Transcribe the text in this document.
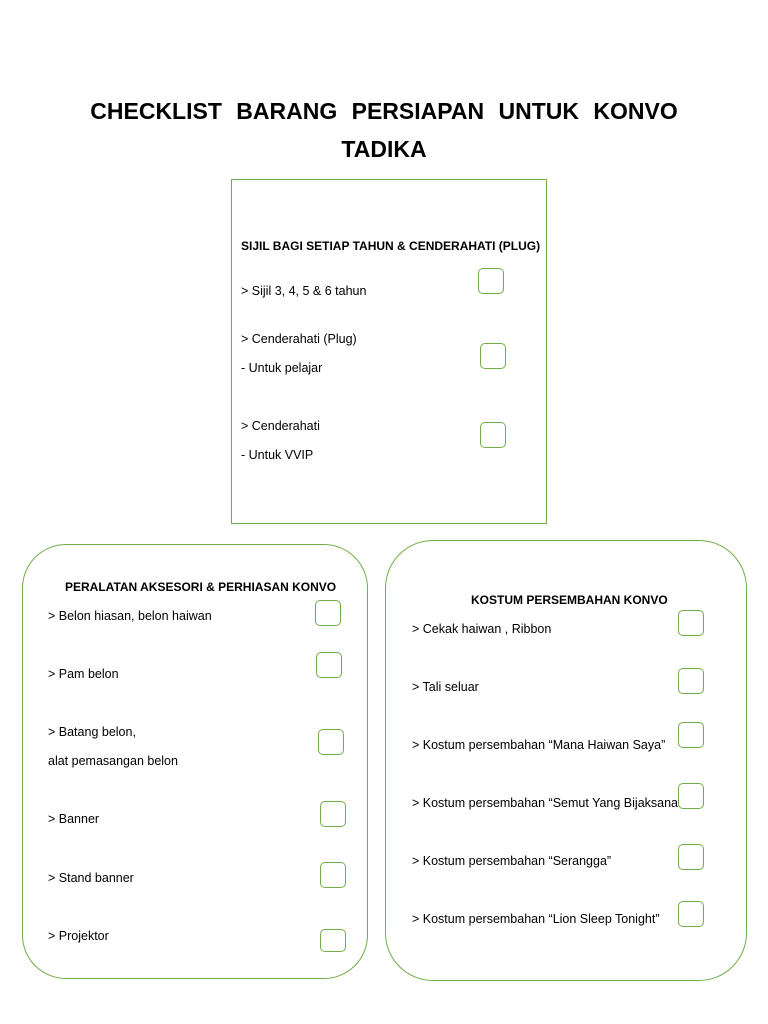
CHECKLIST BARANG PERSIAPAN UNTUK KONVO
TADIKA
SIJIL BAGI SETIAP TAHUN & CENDERAHATI (PLUG)
> Sijil 3, 4, 5 & 6 tahun
> Cenderahati (Plug)
- Untuk pelajar
> Cenderahati
- Untuk VVIP
PERALATAN AKSESORI & PERHIASAN KONVO
> Belon hiasan, belon haiwan
> Pam belon
> Batang belon,
alat pemasangan belon
> Banner
> Stand banner
> Projektor
KOSTUM PERSEMBAHAN KONVO
> Cekak haiwan , Ribbon
> Tali seluar
> Kostum persembahan “Mana Haiwan Saya”
> Kostum persembahan “Semut Yang Bijaksana
> Kostum persembahan “Serangga”
> Kostum persembahan “Lion Sleep Tonight”
